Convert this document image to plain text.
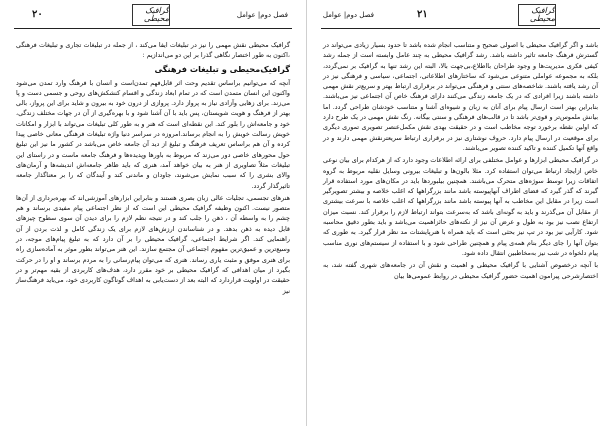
۲۰	گرافیک محیطی	فصل دوم| عوامل

گرافیک محیطی نقش مهمی را نیز در تبلیغات ایفا می‌کند ، از جمله در تبلیغات تجاری و تبلیغات فرهنگی ،اکنون به طور اختصار نگاهی گذرا بر این دو می‌اندازیم :

گرافیک‌محیطی و تبلیغات فرهنگی

آنچه که می‌توانیم براساس تقدیم وحت اثر قابل‌فهم تمدن‌است و انسان با فرهنگ وارد تمدن می‌شود واکنون این انسان متمدن است که در تمام ابعاد زندگی و اقسام کنشکش‌های روحی و جسمی دست و پا می‌زند. برای زهایی وآزادی نیاز به پرواز دارد. پروازی از درون خود به بیرون و شاید برای این پرواز، بالی بهتر از فرهنگ و هویت شویستان، پس باید با آن آشنا شود و با بهره‌گیری از آن در جهات مختلف زندگی، خود و جامعه‌اش را بلور کند. این نقطه‌ای است که هنر و به طور کلی تبلیغات می‌تواند با ابزار و امکانات خویش رسالت خویش را به انجام برساند.امروزه در سراسر دنیا واژه تبلیغات فرهنگی معانی خاصی پیدا کرده و آن هم براساس تعریف فرهنگ و تبلیغ از دید آن جامعه خاص می‌باشد در کشور ما نیز این تبلیغ حول محورهای خاصی دور می‌زند که مربوط به باورها وپدیده‌ها و فرهنگ جامعه ماست و در راستای این تبلیغات مثلاً تصاویری از هنر به بیان خواهد آمد، هنری که باید ظاهر جامعه‌اش اندیشه‌ها و آرمان‌های والای بشری را که سبب نمایش می‌شوند، جاودان و ماندنی کند و آیندگان که را بر معناگذار جامعه تاثیرگذار گردد.

هنرهای تجسمی، تجلیات عالی زبان بصری هستند و بنابراین ابزارهای آموزشی‌اند که بهره‌برداری از آن‌ها متصور نیست. اکنون وظیفه گرافیک محیطی این است که از نظر اجتماعی پیام مفیدی برساند و هم چشم را به واسطه آن ، ذهن را جلب کند و در نتیجه نظم لازم را برای دیدن آن سوی سطوح چیزهای قابل دیده به ذهن بدهد. و در شناساندن ارزش‌های لازم برای یک زندگی کامل و لذت بردن از آن راهنمایی کند. اگر شرایط اجتماعی، گرافیک محیطی را بر آن دارد که به تبلیغ پیام‌های موجه، در وسیع‌ترین و عمیق‌ترین مفهوم اجتماعی آن مجتمع سازند. این هنر می‌تواند بطور موثر به آماده‌سازی راه برای هنری موفق و مثبت یاری رساند. هنری که می‌توان پیام‌رسانی را به مردم برساند و او را در حرکت بگیرد از میان اهدافی که گرافیک محیطی بر خود مقرر دارد، هدف‌های کاربردی از بقیه مهم‌تر و در حقیقت در اولویت قراردارد که البته بعد از دست‌یابی به اهداف گوناگون کاربردی خود، می‌باید فرهنگ‌ساز نیز

۲۱	گرافیک محیطی
فصل دوم| عوامل

باشد و اگر گرافیک محیطی با اصولی صحیح و متناسب انجام شده باشد تا حدود بسیار زیادی می‌تواند در گسترش فرهنگ جامعه تاثیر داشته باشد. رشد گرافیک محیطی به چند عامل وابسته است از جمله رشد کیفی فکری مدیریت‌ها و وجود طراحان بااطلاع،بی‌جهت بالا، البته این رشد تنها به گرافیک بر نمی‌گردد، بلکه به مجموعه عواملی متنوعی می‌شود که ساختارهای اطلاعاتی، اجتماعی، سیاسی و فرهنگی نیز در آن رشد یافته باشند. شاخصه‌های سنتی و فرهنگی می‌تواند در برقراری ارتباط بهتر و سریع‌تر نقش مهمی داشته باشند زیرا افرادی که در یک جامعه زندگی می‌کنند دارای فرهنگ خاص آن اجتماعی نیز می‌باشند. بنابراین بهتر است ارسال پیام برای آنان به زبان و شیوه‌ای آشنا و متناسب خودشان طراحی گردد. اما بیانش ملموس‌تر و قوی‌تر باشد تا در قالب‌های فرهنگی و سنتی بیگانه. رنگ نقش مهمی در یک طرح دارد که اولین نقطه برخورد توجه مخاطب است و در حقیقت بهدی نقش مکمل‌عنصر تصویری تموری دیگری برای موقعیت در ارسال پیام دارد. حروف نوشتاری نیز در برقراری ارتباط سریعترنقش مهمی دارند و در واقع آنها تکمیل کننده و تاکید کننده تصویر می‌باشند.

در گرافیک محیطی ابزارها و عوامل مختلفی برای ارائه اطلاعات وجود دارد که از هرکدام برای بیان نوعی خاص ازایجاد ارتباط می‌توان استفاده کرد. مثلا بالون‌ها و تبلیغات بیرونی وسایل نقلیه مربوط به گروه اتفاقات زیرا توسط سوژه‌های متحرک می‌باشند. همچنین بیلبوردها باید در مکان‌های مورد استفاده قرار گیرند که گذر گیرد که فضای اطراف آنهاپیوسته باشد مانند بزرگراهها که اغلب خلاصه و بیشتر تصویرگیر است زیرا در مقابل این مخاطب به آنها پیوسته باشد مانند بزرگراهها که اغلب خلاصه با سرعت بیشتری از مقابل آن می‌گذرند و باید به گونه‌ای باشد که به‌سرعت بتواند ارتباط لازم را برقرار کند. نسبت میزان ارتفاع نصب نیز بود به طول و عرض آن نیز از نکته‌های حائزاهمیت می‌باشد و باید بطور دقیق محاسبه شود. کارآیی نیز بود در تپ نیز بحثی است که باید همراه با هنرپایشتات مد نظر قرار گیرد. به طوری که بتوان آنها را جای دیگر بنام همه‌ی پیام و همچنین طراحی شود و با استفاده از سیستم‌های نوری مناسب پیام دلخواه در شب نیز به‌مخاطبین انتقال داده شود.

با آنچه درخصوص آشنایی با گرافیک محیطی و اهمیت و نقش آن در جامعه‌های شهری گفته شد، به اختصارشرحی پیرامون اهمیت حضور گرافیک محیطی در روابط عمومی‌ها بیان
